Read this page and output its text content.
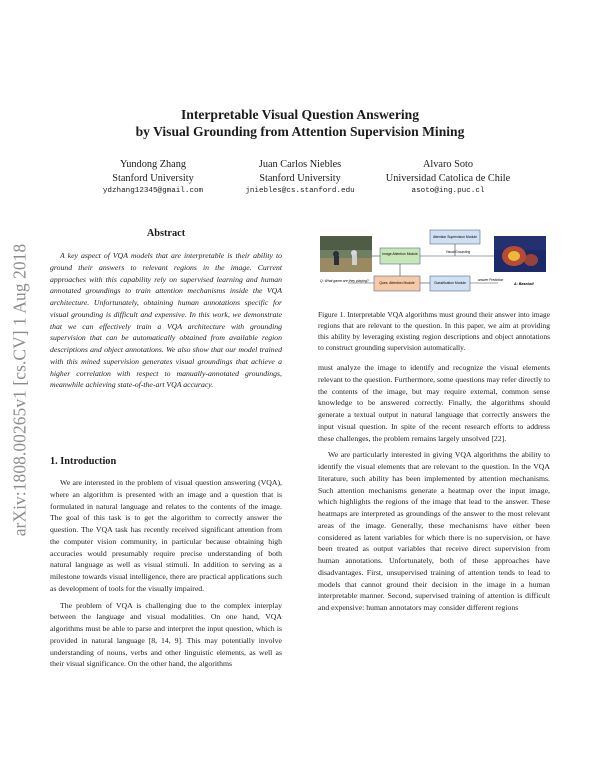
Interpretable Visual Question Answering
by Visual Grounding from Attention Supervision Mining
Yundong Zhang
Stanford University
ydzhang12345@gmail.com
Juan Carlos Niebles
Stanford University
jniebles@cs.stanford.edu
Alvaro Soto
Universidad Catolica de Chile
asoto@ing.puc.cl
arXiv:1808.00265v1 [cs.CV] 1 Aug 2018
Abstract
A key aspect of VQA models that are interpretable is their ability to ground their answers to relevant regions in the image. Current approaches with this capability rely on supervised learning and human annotated groundings to train attention mechanisms inside the VQA architecture. Unfortunately, obtaining human annotations specific for visual grounding is difficult and expensive. In this work, we demonstrate that we can effectively train a VQA architecture with grounding supervision that can be automatically obtained from available region descriptions and object annotations. We also show that our model trained with this mined supervision generates visual groundings that achieve a higher correlation with respect to manually-annotated groundings, meanwhile achieving state-of-the-art VQA accuracy.
1. Introduction

We are interested in the problem of visual question answering (VQA), where an algorithm is presented with an image and a question that is formulated in natural language and relates to the contents of the image. The goal of this task is to get the algorithm to correctly answer the question. The VQA task has recently received significant attention from the computer vision community, in particular because obtaining high accuracies would presumably require precise understanding of both natural language as well as visual stimuli. In addition to serving as a milestone towards visual intelligence, there are practical applications such as development of tools for the visually impaired.

The problem of VQA is challenging due to the complex interplay between the language and visual modalities. On one hand, VQA algorithms must be able to parse and interpret the input question, which is provided in natural language [8, 14, 9]. This may potentially involve understanding of nouns, verbs and other linguistic elements, as well as their visual significance. On the other hand, the algorithms

must analyze the image to identify and recognize the visual elements relevant to the question. Furthermore, some questions may refer directly to the contents of the image, but may require external, common sense knowledge to be answered correctly. Finally, the algorithms should generate a textual output in natural language that correctly answers the input visual question. In spite of the recent research efforts to address these challenges, the problem remains largely unsolved [22].

We are particularly interested in giving VQA algorithms the ability to identify the visual elements that are relevant to the question. In the VQA literature, such ability has been implemented by attention mechanisms. Such attention mechanisms generate a heatmap over the input image, which highlights the regions of the image that lead to the answer. These heatmaps are interpreted as groundings of the answer to the most relevant areas of the image. Generally, these mechanisms have either been considered as latent variables for which there is no supervision, or have been treated as output variables that receive direct supervision from human annotations. Unfortunately, both of these approaches have disadvantages. First, unsupervised training of attention tends to lead to models that cannot ground their decision in the image in a human interpretable manner. Second, supervised training of attention is difficult and expensive: human annotators may consider different regions

Image Attention Module
Attention Supervision Module
Ques. Attention Module	Classification Module
Visual Grounding
Q: What game are they playing?	answer Prediction
A: Baseball
Figure 1. Interpretable VQA algorithms must ground their answer into image regions that are relevant to the question. In this paper, we aim at providing this ability by leveraging existing region descriptions and object annotations to construct grounding supervision automatically.
